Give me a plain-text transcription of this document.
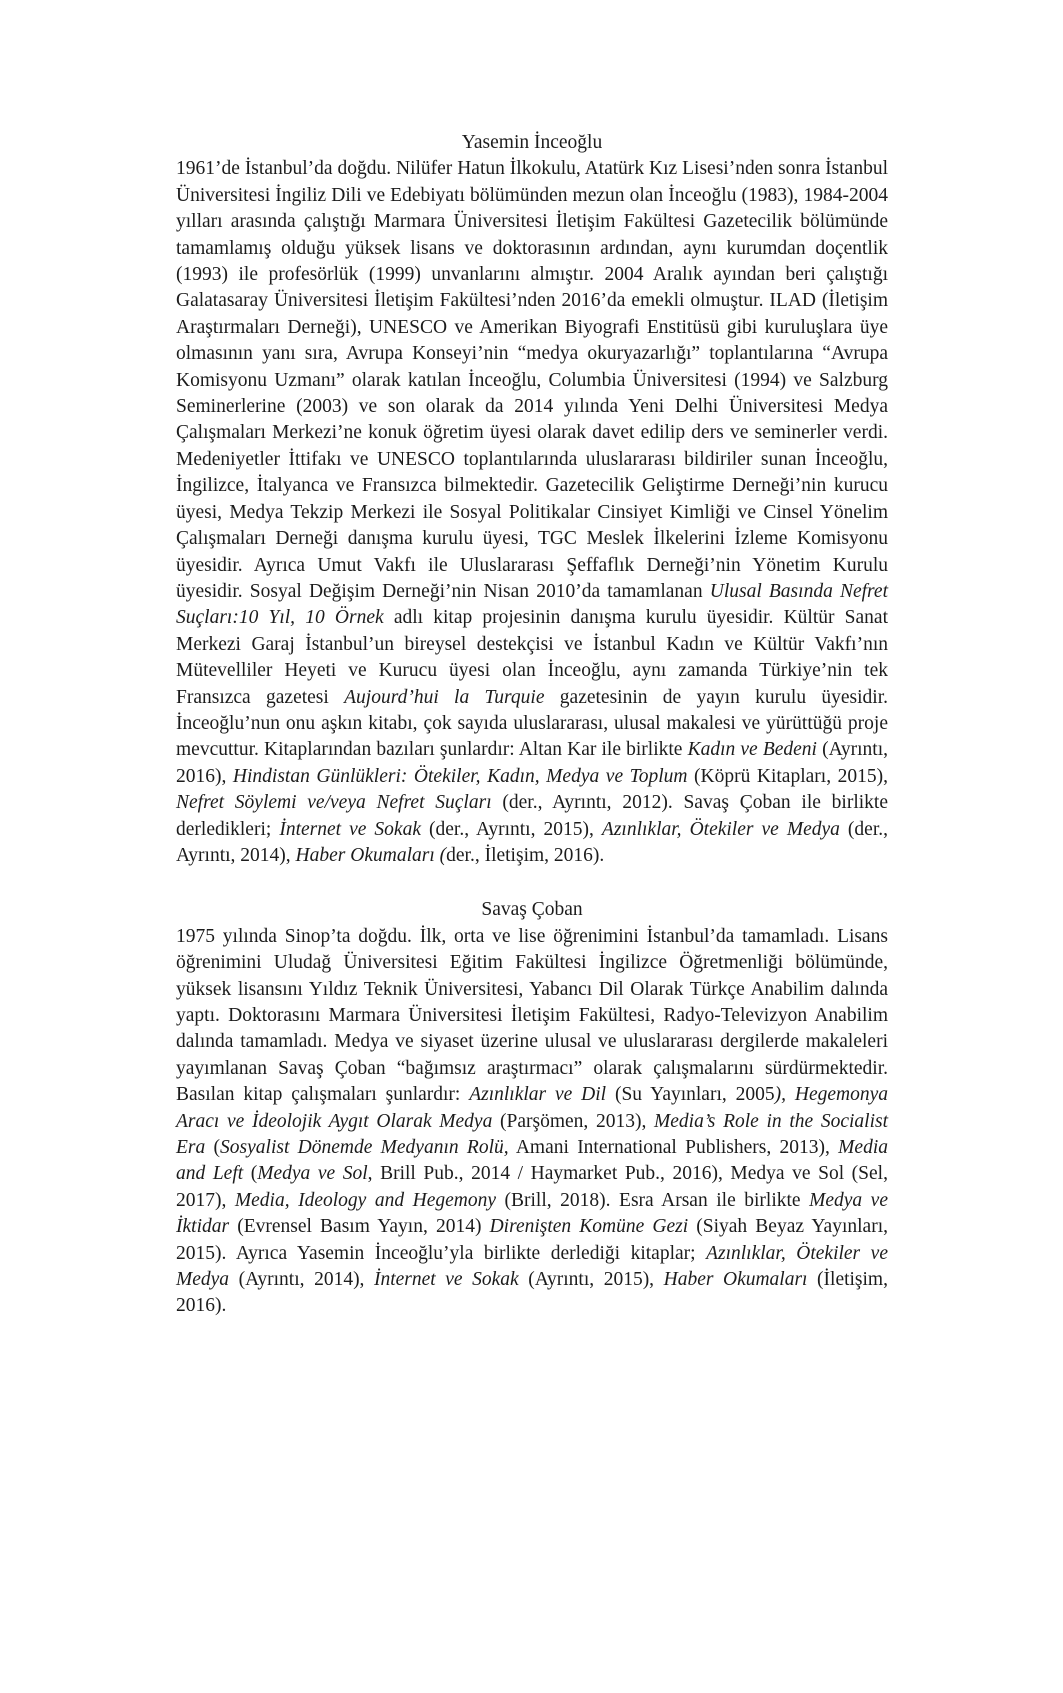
Yasemin İnceoğlu

1961’de İstanbul’da doğdu. Nilüfer Hatun İlkokulu, Atatürk Kız Lisesi’nden sonra İstanbul Üniversitesi İngiliz Dili ve Edebiyatı bölümünden mezun olan İnceoğlu (1983), 1984-2004 yılları arasında çalıştığı Marmara Üniversitesi İletişim Fakültesi Gazetecilik bölümünde tamamlamış olduğu yüksek lisans ve doktorasının ardından, aynı kurumdan doçentlik (1993) ile profesörlük (1999) unvanlarını almıştır. 2004 Aralık ayından beri çalıştığı Galatasaray Üniversitesi İletişim Fakültesi’nden 2016’da emekli olmuştur. ILAD (İletişim Araştırmaları Derneği), UNESCO ve Amerikan Biyografi Enstitüsü gibi kuruluşlara üye olmasının yanı sıra, Avrupa Konseyi’nin “medya okuryazarlığı” toplantılarına “Avrupa Komisyonu Uzmanı” olarak katılan İnceoğlu, Columbia Üniversitesi (1994) ve Salzburg Seminerlerine (2003) ve son olarak da 2014 yılında Yeni Delhi Üniversitesi Medya Çalışmaları Merkezi’ne konuk öğretim üyesi olarak davet edilip ders ve seminerler verdi. Medeniyetler İttifakı ve UNESCO toplantılarında uluslararası bildiriler sunan İnceoğlu, İngilizce, İtalyanca ve Fransızca bilmektedir. Gazetecilik Geliştirme Derneği’nin kurucu üyesi, Medya Tekzip Merkezi ile Sosyal Politikalar Cinsiyet Kimliği ve Cinsel Yönelim Çalışmaları Derneği danışma kurulu üyesi, TGC Meslek İlkelerini İzleme Komisyonu üyesidir. Ayrıca Umut Vakfı ile Uluslararası Şeffaflık Derneği’nin Yönetim Kurulu üyesidir. Sosyal Değişim Derneği’nin Nisan 2010’da tamamlanan Ulusal Basında Nefret Suçları:10 Yıl, 10 Örnek adlı kitap projesinin danışma kurulu üyesidir. Kültür Sanat Merkezi Garaj İstanbul’un bireysel destekçisi ve İstanbul Kadın ve Kültür Vakfı’nın Mütevelliler Heyeti ve Kurucu üyesi olan İnceoğlu, aynı zamanda Türkiye’nin tek Fransızca gazetesi Aujourd’hui la Turquie gazetesinin de yayın kurulu üyesidir. İnceoğlu’nun onu aşkın kitabı, çok sayıda uluslararası, ulusal makalesi ve yürüttüğü proje mevcuttur. Kitaplarından bazıları şunlardır: Altan Kar ile birlikte Kadın ve Bedeni (Ayrıntı, 2016), Hindistan Günlükleri: Ötekiler, Kadın, Medya ve Toplum (Köprü Kitapları, 2015), Nefret Söylemi ve/veya Nefret Suçları (der., Ayrıntı, 2012). Savaş Çoban ile birlikte derledikleri; İnternet ve Sokak (der., Ayrıntı, 2015), Azınlıklar, Ötekiler ve Medya (der., Ayrıntı, 2014), Haber Okumaları (der., İletişim, 2016).

Savaş Çoban

1975 yılında Sinop’ta doğdu. İlk, orta ve lise öğrenimini İstanbul’da tamamladı. Lisans öğrenimini Uludağ Üniversitesi Eğitim Fakültesi İngilizce Öğretmenliği bölümünde, yüksek lisansını Yıldız Teknik Üniversitesi, Yabancı Dil Olarak Türkçe Anabilim dalında yaptı. Doktorasını Marmara Üniversitesi İletişim Fakültesi, Radyo-Televizyon Anabilim dalında tamamladı. Medya ve siyaset üzerine ulusal ve uluslararası dergilerde makaleleri yayımlanan Savaş Çoban “bağımsız araştırmacı” olarak çalışmalarını sürdürmektedir. Basılan kitap çalışmaları şunlardır: Azınlıklar ve Dil (Su Yayınları, 2005), Hegemonya Aracı ve İdeolojik Aygıt Olarak Medya (Parşömen, 2013), Media’s Role in the Socialist Era (Sosyalist Dönemde Medyanın Rolü, Amani International Publishers, 2013), Media and Left (Medya ve Sol, Brill Pub., 2014 / Haymarket Pub., 2016), Medya ve Sol (Sel, 2017), Media, Ideology and Hegemony (Brill, 2018). Esra Arsan ile birlikte Medya ve İktidar (Evrensel Basım Yayın, 2014) Direnişten Komüne Gezi (Siyah Beyaz Yayınları, 2015). Ayrıca Yasemin İnceoğlu’yla birlikte derlediği kitaplar; Azınlıklar, Ötekiler ve Medya (Ayrıntı, 2014), İnternet ve Sokak (Ayrıntı, 2015), Haber Okumaları (İletişim, 2016).
